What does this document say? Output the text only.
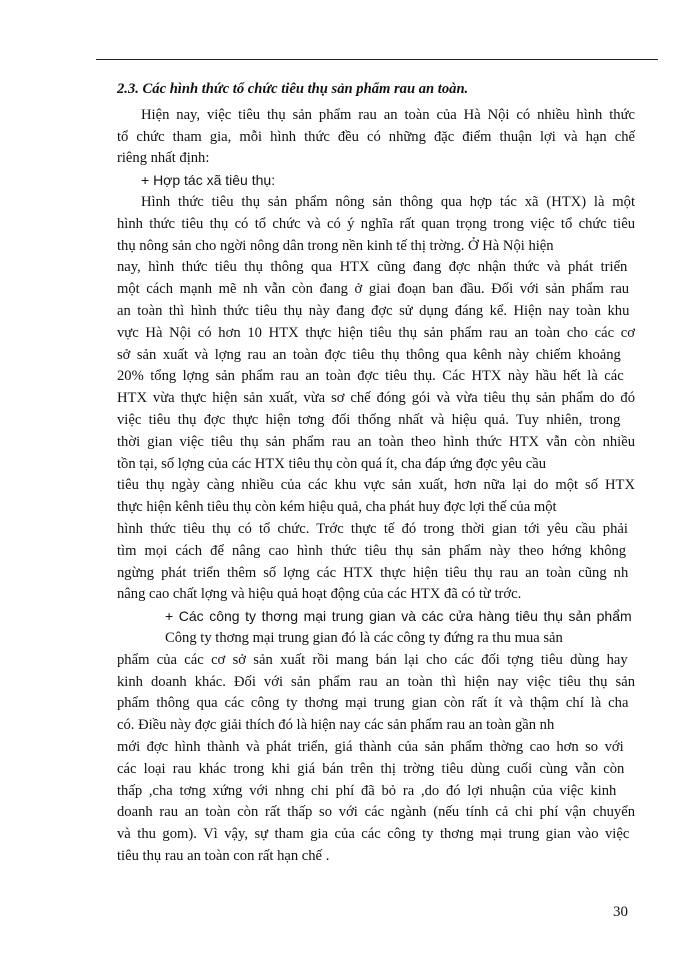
2.3. Các hình thức tổ chức tiêu thụ sản phẩm rau an toàn.
Hiện nay, việc tiêu thụ sản phẩm rau an toàn của Hà Nội có nhiều hình thức
tổ chức tham gia, mỗi hình thức đều có những đặc điểm thuận lợi và hạn chế
riêng nhất định:
+ Hợp tác xã tiêu thụ:
Hình thức tiêu thụ sản phẩm nông sản thông qua hợp tác xã (HTX) là một
hình thức tiêu thụ có tổ chức và có ý nghĩa rất quan trọng trong việc tổ chức tiêu
thụ nông sản cho ngời nông dân trong nền kinh tế thị trờng. Ở Hà Nội hiện
nay, hình thức tiêu thụ thông qua HTX cũng đang đợc nhận thức và phát triển
một cách mạnh mẽ nh vẫn còn đang ở giai đoạn ban đầu. Đối với sản phẩm rau
an toàn thì hình thức tiêu thụ này đang đợc sử dụng đáng kể. Hiện nay toàn khu
vực Hà Nội có hơn 10 HTX thực hiện tiêu thụ sản phẩm rau an toàn cho các cơ
sở sản xuất và lợng rau an toàn đợc tiêu thụ thông qua kênh này chiếm khoảng
20% tổng lợng sản phẩm rau an toàn đợc tiêu thụ. Các HTX này hầu hết là các
HTX vừa thực hiện sản xuất, vừa sơ chế đóng gói và vừa tiêu thụ sản phẩm do đó
việc tiêu thụ đợc thực hiện tơng đối thống nhất và hiệu quả. Tuy nhiên, trong
thời gian việc tiêu thụ sản phẩm rau an toàn theo hình thức HTX vẫn còn nhiều
tồn tại, số lợng của các HTX tiêu thụ còn quá ít, cha đáp ứng đợc yêu cầu
tiêu thụ ngày càng nhiều của các khu vực sản xuất, hơn nữa lại do một số HTX
thực hiện kênh tiêu thụ còn kém hiệu quả, cha phát huy đợc lợi thế của một
hình thức tiêu thụ có tổ chức. Trớc thực tế đó trong thời gian tới yêu cầu phải
tìm mọi cách để nâng cao hình thức tiêu thụ sản phẩm này theo hớng không
ngừng phát triển thêm số lợng các HTX thực hiện tiêu thụ rau an toàn cũng nh
nâng cao chất lợng và hiệu quả hoạt động của các HTX đã có từ trớc.
+ Các công ty thơng mại trung gian và các cửa hàng tiêu thụ sản phẩm
Công ty thơng mại trung gian đó là các công ty đứng ra thu mua sản
phẩm của các cơ sở sản xuất rồi mang bán lại cho các đối tợng tiêu dùng hay
kinh doanh khác. Đối với sản phẩm rau an toàn thì hiện nay việc tiêu thụ sản
phẩm thông qua các công ty thơng mại trung gian còn rất ít và thậm chí là cha
có. Điều này đợc giải thích đó là hiện nay các sản phẩm rau an toàn gần nh
mới đợc hình thành và phát triển, giá thành của sản phẩm thờng cao hơn so với
các loại rau khác trong khi giá bán trên thị trờng tiêu dùng cuối cùng vẫn còn
thấp ,cha tơng xứng với nhng chi phí đã bỏ ra ,do đó lợi nhuận của việc kinh
doanh rau an toàn còn rất thấp so với các ngành (nếu tính cả chi phí vận chuyển
và thu gom). Vì vậy, sự tham gia của các công ty thơng mại trung gian vào việc
tiêu thụ rau an toàn con rất hạn chế .
30
